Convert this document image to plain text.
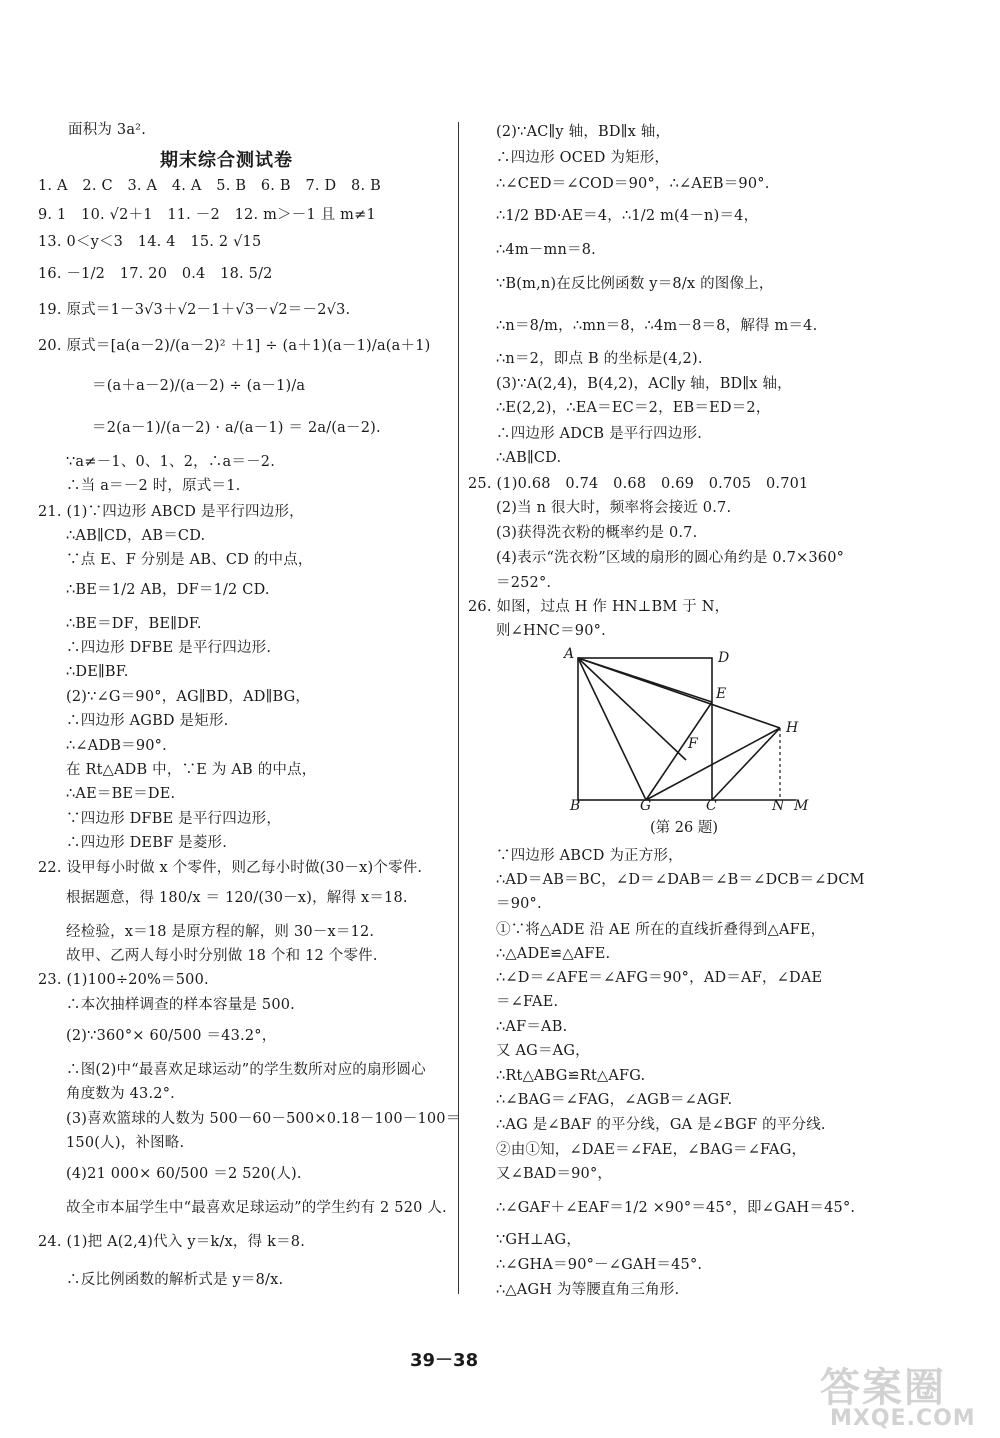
面积为 3a².
期末综合测试卷
1. A　2. C　3. A　4. A　5. B　6. B　7. D　8. B
9. 1　10. √2＋1　11. －2　12. m＞－1 且 m≠1
13. 0＜y＜3　14. 4　15. 2 √15
16. －1/2　17. 20　0.4　18. 5/2
19. 原式＝1－3√3＋√2－1＋√3－√2＝－2√3.
20. 原式＝[a(a－2)/(a－2)² ＋1] ÷ (a＋1)(a－1)/a(a＋1)
＝(a＋a－2)/(a－2) ÷ (a－1)/a
＝2(a－1)/(a－2) · a/(a－1) ＝ 2a/(a－2).
∵a≠－1、0、1、2，∴a＝－2.
∴当 a＝－2 时，原式＝1.
21. (1)∵四边形 ABCD 是平行四边形，
∴AB∥CD，AB＝CD.
∵点 E、F 分别是 AB、CD 的中点，
∴BE＝1/2 AB，DF＝1/2 CD.
∴BE＝DF，BE∥DF.
∴四边形 DFBE 是平行四边形.
∴DE∥BF.
(2)∵∠G＝90°，AG∥BD，AD∥BG，
∴四边形 AGBD 是矩形.
∴∠ADB＝90°.
在 Rt△ADB 中，∵E 为 AB 的中点，
∴AE＝BE＝DE.
∵四边形 DFBE 是平行四边形，
∴四边形 DEBF 是菱形.
22. 设甲每小时做 x 个零件，则乙每小时做(30－x)个零件.
根据题意，得 180/x ＝ 120/(30－x)，解得 x＝18.
经检验，x＝18 是原方程的解，则 30－x＝12.
故甲、乙两人每小时分别做 18 个和 12 个零件.
23. (1)100÷20%＝500.
∴本次抽样调查的样本容量是 500.
(2)∵360°× 60/500 ＝43.2°，
∴图(2)中“最喜欢足球运动”的学生数所对应的扇形圆心
角度数为 43.2°.
(3)喜欢篮球的人数为 500－60－500×0.18－100－100＝
150(人)，补图略.
(4)21 000× 60/500 ＝2 520(人).
故全市本届学生中“最喜欢足球运动”的学生约有 2 520 人.
24. (1)把 A(2,4)代入 y＝k/x，得 k＝8.
∴反比例函数的解析式是 y＝8/x.
(2)∵AC∥y 轴，BD∥x 轴，
∴四边形 OCED 为矩形，
∴∠CED＝∠COD＝90°，∴∠AEB＝90°.
∴1/2 BD·AE＝4，∴1/2 m(4－n)＝4，
∴4m－mn＝8.
∵B(m,n)在反比例函数 y＝8/x 的图像上，
∴n＝8/m，∴mn＝8，∴4m－8＝8，解得 m＝4.
∴n＝2，即点 B 的坐标是(4,2).
(3)∵A(2,4)，B(4,2)，AC∥y 轴，BD∥x 轴，
∴E(2,2)，∴EA＝EC＝2，EB＝ED＝2，
∴四边形 ADCB 是平行四边形.
∴AB∥CD.
25. (1)0.68　0.74　0.68　0.69　0.705　0.701
(2)当 n 很大时，频率将会接近 0.7.
(3)获得洗衣粉的概率约是 0.7.
(4)表示“洗衣粉”区域的扇形的圆心角约是 0.7×360°
＝252°.
26. 如图，过点 H 作 HN⊥BM 于 N，
则∠HNC＝90°.
A	D
E
H
F
B	G	C	N M
(第 26 题)
∵四边形 ABCD 为正方形，
∴AD＝AB＝BC，∠D＝∠DAB＝∠B＝∠DCB＝∠DCM
＝90°.
①∵将△ADE 沿 AE 所在的直线折叠得到△AFE，
∴△ADE≌△AFE.
∴∠D＝∠AFE＝∠AFG＝90°，AD＝AF，∠DAE
＝∠FAE.
∴AF＝AB.
又 AG＝AG，
∴Rt△ABG≌Rt△AFG.
∴∠BAG＝∠FAG，∠AGB＝∠AGF.
∴AG 是∠BAF 的平分线，GA 是∠BGF 的平分线.
②由①知，∠DAE＝∠FAE，∠BAG＝∠FAG，
又∠BAD＝90°，
∴∠GAF＋∠EAF＝1/2 ×90°＝45°，即∠GAH＝45°.
∵GH⊥AG，
∴∠GHA＝90°－∠GAH＝45°.
∴△AGH 为等腰直角三角形.
39－38
答案圈
MXQE.COM
